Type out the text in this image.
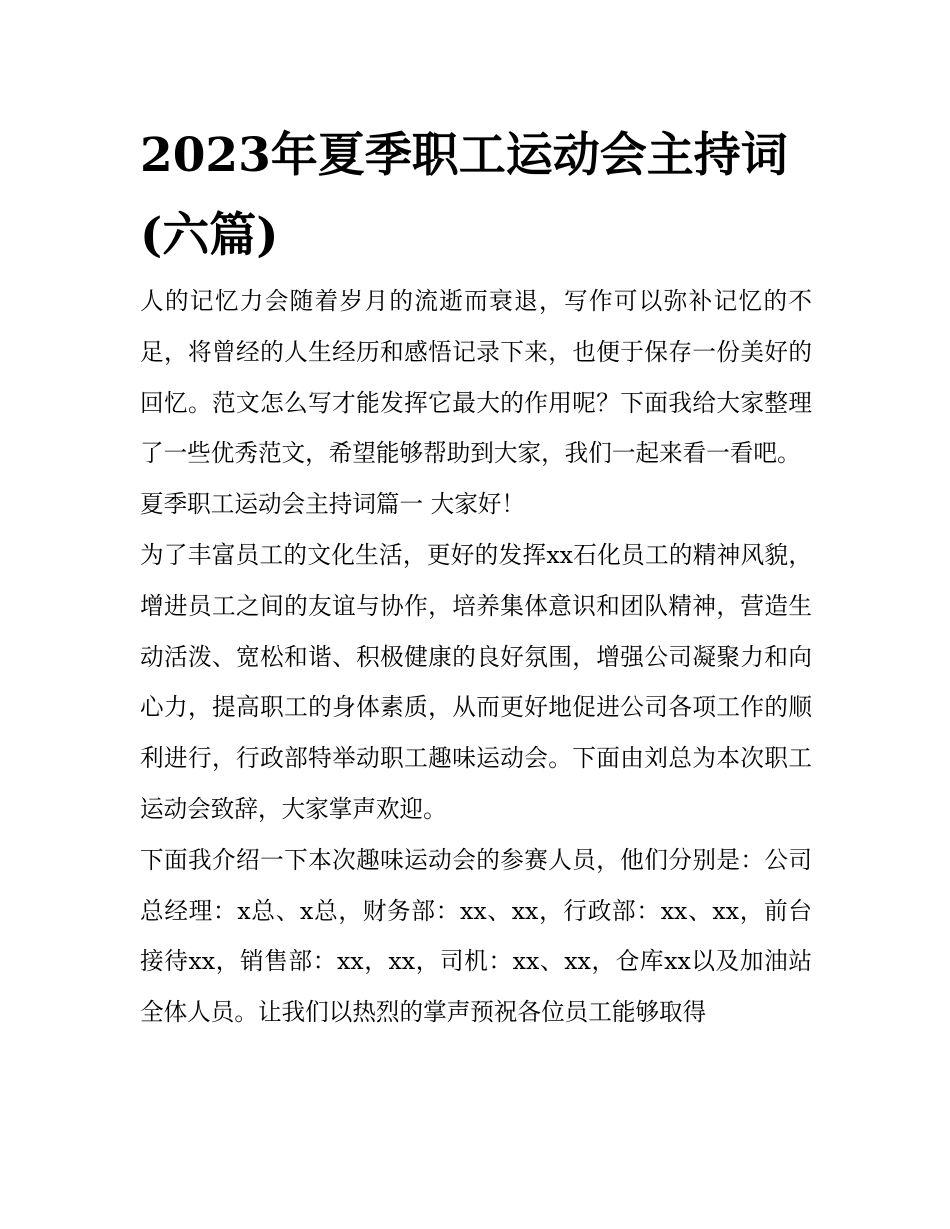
2023年夏季职工运动会主持词(六篇)

人的记忆力会随着岁月的流逝而衰退，写作可以弥补记忆的不足，将曾经的人生经历和感悟记录下来，也便于保存一份美好的回忆。范文怎么写才能发挥它最大的作用呢？下面我给大家整理了一些优秀范文，希望能够帮助到大家，我们一起来看一看吧。

夏季职工运动会主持词篇一 大家好！

为了丰富员工的文化生活，更好的发挥xx石化员工的精神风貌，增进员工之间的友谊与协作，培养集体意识和团队精神，营造生动活泼、宽松和谐、积极健康的良好氛围，增强公司凝聚力和向心力，提高职工的身体素质，从而更好地促进公司各项工作的顺利进行，行政部特举动职工趣味运动会。下面由刘总为本次职工运动会致辞，大家掌声欢迎。

下面我介绍一下本次趣味运动会的参赛人员，他们分别是：公司总经理：x总、x总，财务部：xx、xx，行政部：xx、xx，前台接待xx，销售部：xx，xx，司机：xx、xx，仓库xx以及加油站全体人员。让我们以热烈的掌声预祝各位员工能够取得
